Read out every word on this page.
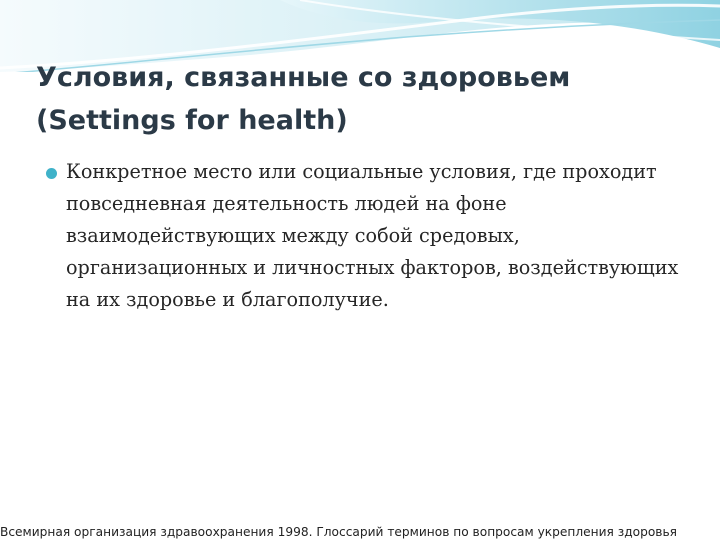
Условия, связанные со здоровьем
(Settings for health)
Конкретное место или социальные условия, где проходит повседневная деятельность людей на фоне взаимодействующих между собой средовых, организационных и личностных факторов, воздействующих на их здоровье и благополучие.
Всемирная организация здравоохранения 1998. Глоссарий терминов по вопросам укрепления здоровья
